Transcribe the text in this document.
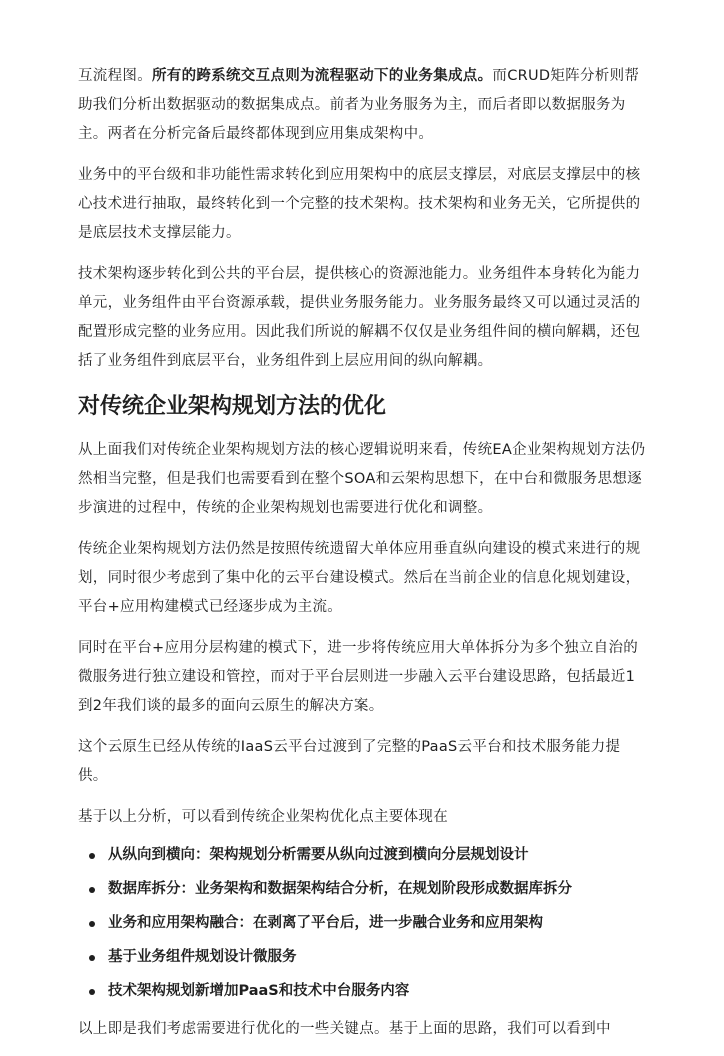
互流程图。所有的跨系统交互点则为流程驱动下的业务集成点。而CRUD矩阵分析则帮助我们分析出数据驱动的数据集成点。前者为业务服务为主，而后者即以数据服务为主。两者在分析完备后最终都体现到应用集成架构中。

业务中的平台级和非功能性需求转化到应用架构中的底层支撑层，对底层支撑层中的核心技术进行抽取，最终转化到一个完整的技术架构。技术架构和业务无关，它所提供的是底层技术支撑层能力。

技术架构逐步转化到公共的平台层，提供核心的资源池能力。业务组件本身转化为能力单元，业务组件由平台资源承载，提供业务服务能力。业务服务最终又可以通过灵活的配置形成完整的业务应用。因此我们所说的解耦不仅仅是业务组件间的横向解耦，还包括了业务组件到底层平台，业务组件到上层应用间的纵向解耦。

对传统企业架构规划方法的优化

从上面我们对传统企业架构规划方法的核心逻辑说明来看，传统EA企业架构规划方法仍然相当完整，但是我们也需要看到在整个SOA和云架构思想下，在中台和微服务思想逐步演进的过程中，传统的企业架构规划也需要进行优化和调整。

传统企业架构规划方法仍然是按照传统遗留大单体应用垂直纵向建设的模式来进行的规划，同时很少考虑到了集中化的云平台建设模式。然后在当前企业的信息化规划建设，平台+应用构建模式已经逐步成为主流。

同时在平台+应用分层构建的模式下，进一步将传统应用大单体拆分为多个独立自治的微服务进行独立建设和管控，而对于平台层则进一步融入云平台建设思路，包括最近1到2年我们谈的最多的面向云原生的解决方案。

这个云原生已经从传统的IaaS云平台过渡到了完整的PaaS云平台和技术服务能力提供。

基于以上分析，可以看到传统企业架构优化点主要体现在

从纵向到横向：架构规划分析需要从纵向过渡到横向分层规划设计
数据库拆分：业务架构和数据架构结合分析，在规划阶段形成数据库拆分
业务和应用架构融合：在剥离了平台后，进一步融合业务和应用架构
基于业务组件规划设计微服务
技术架构规划新增加PaaS和技术中台服务内容

以上即是我们考虑需要进行优化的一些关键点。基于上面的思路，我们可以看到中
